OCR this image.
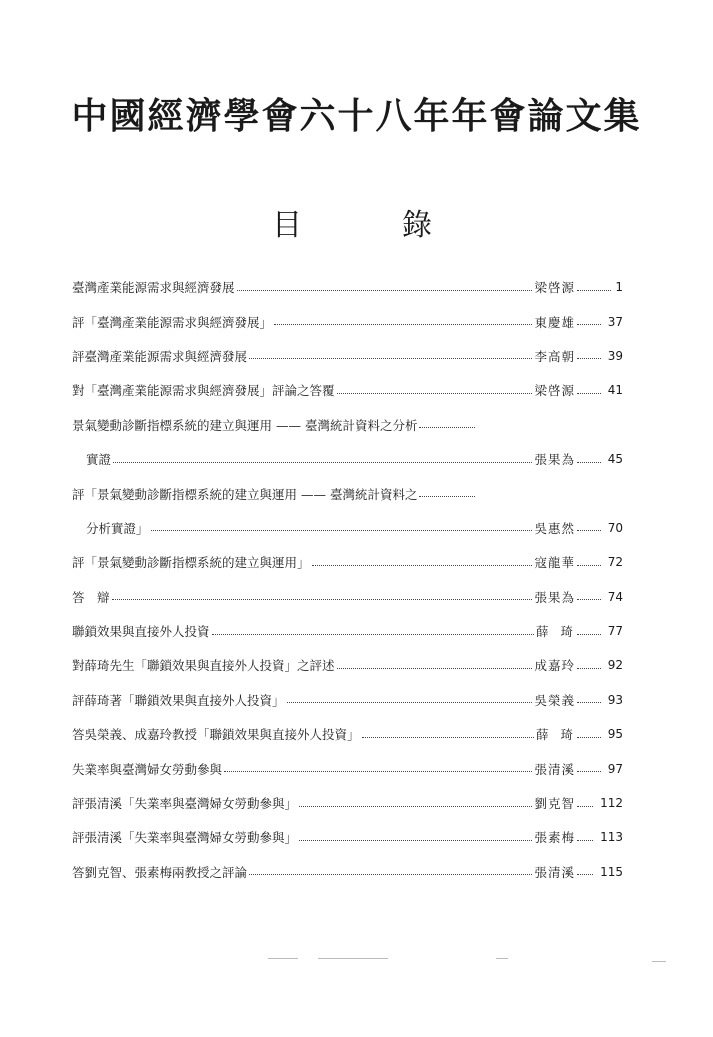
中國經濟學會六十八年年會論文集
目	錄
臺灣產業能源需求與經濟發展	梁啓源	1
評「臺灣產業能源需求與經濟發展」	東慶雄	37
評臺灣產業能源需求與經濟發展	李高朝	39
對「臺灣產業能源需求與經濟發展」評論之答覆	梁啓源	41
景氣變動診斷指標系統的建立與運用 —— 臺灣統計資料之分析
實證	張果為	45
評「景氣變動診斷指標系統的建立與運用 —— 臺灣統計資料之
分析實證」	吳惠然	70
評「景氣變動診斷指標系統的建立與運用」	寇龍華	72
答　辯	張果為	74
聯鎖效果與直接外人投資	薛琦	77
對薛琦先生「聯鎖效果與直接外人投資」之評述	成嘉玲	92
評薛琦著「聯鎖效果與直接外人投資」	吳榮義	93
答吳榮義、成嘉玲教授「聯鎖效果與直接外人投資」	薛琦	95
失業率與臺灣婦女勞動參與	張清溪	97
評張清溪「失業率與臺灣婦女勞動參與」	劉克智	112
評張清溪「失業率與臺灣婦女勞動參與」	張素梅	113
答劉克智、張素梅兩教授之評論	張清溪	115
